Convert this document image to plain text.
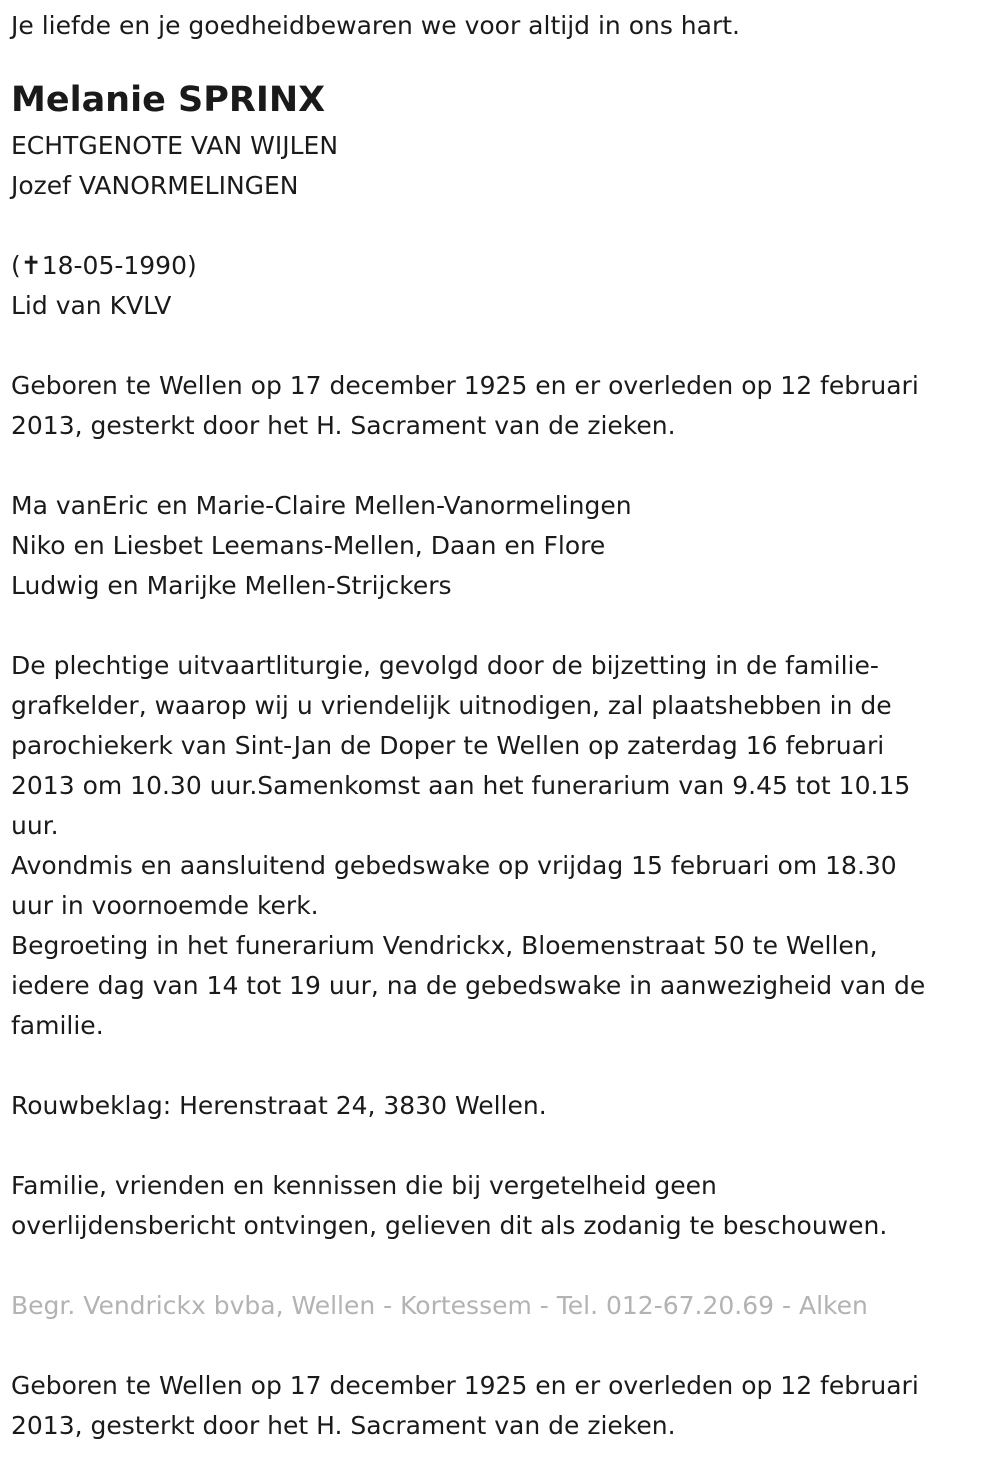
Je liefde en je goedheidbewaren we voor altijd in ons hart.
Melanie SPRINX
ECHTGENOTE VAN WIJLEN
Jozef VANORMELINGEN
(✝18-05-1990)
Lid van KVLV
Geboren te Wellen op 17 december 1925 en er overleden op 12 februari
2013, gesterkt door het H. Sacrament van de zieken.
Ma vanEric en Marie-Claire Mellen-Vanormelingen
Niko en Liesbet Leemans-Mellen, Daan en Flore
Ludwig en Marijke Mellen-Strijckers
De plechtige uitvaartliturgie, gevolgd door de bijzetting in de familie-
grafkelder, waarop wij u vriendelijk uitnodigen, zal plaatshebben in de
parochiekerk van Sint-Jan de Doper te Wellen op zaterdag 16 februari
2013 om 10.30 uur.Samenkomst aan het funerarium van 9.45 tot 10.15
uur.
Avondmis en aansluitend gebedswake op vrijdag 15 februari om 18.30
uur in voornoemde kerk.
Begroeting in het funerarium Vendrickx, Bloemenstraat 50 te Wellen,
iedere dag van 14 tot 19 uur, na de gebedswake in aanwezigheid van de
familie.
Rouwbeklag: Herenstraat 24, 3830 Wellen.
Familie, vrienden en kennissen die bij vergetelheid geen
overlijdensbericht ontvingen, gelieven dit als zodanig te beschouwen.
Begr. Vendrickx bvba, Wellen - Kortessem - Tel. 012-67.20.69 - Alken
Geboren te Wellen op 17 december 1925 en er overleden op 12 februari
2013, gesterkt door het H. Sacrament van de zieken.
